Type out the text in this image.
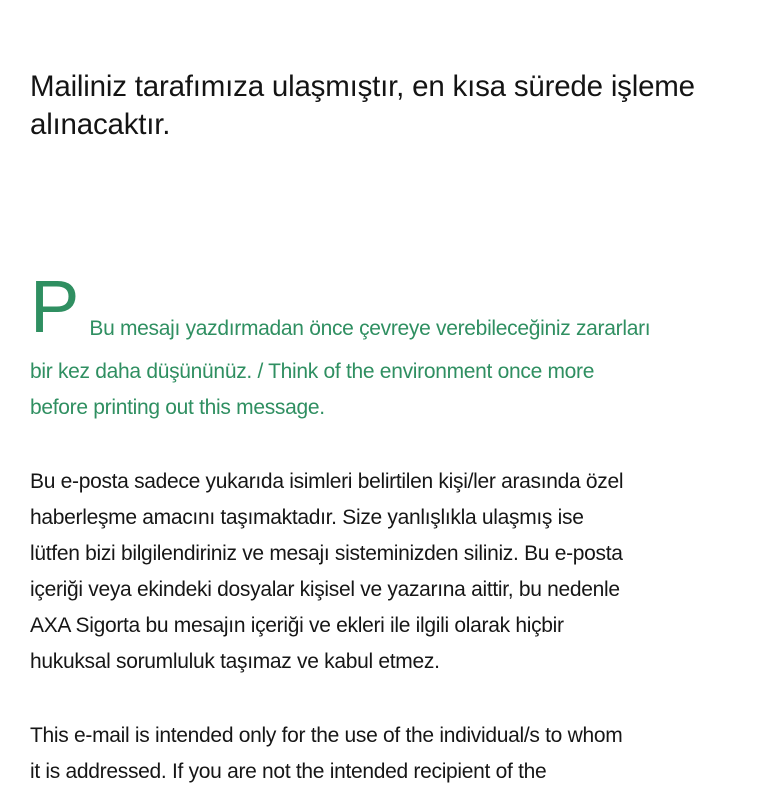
Mailiniz tarafımıza ulaşmıştır, en kısa sürede işleme
alınacaktır.
P Bu mesajı yazdırmadan önce çevreye verebileceğiniz zararları
bir kez daha düşününüz. / Think of the environment once more
before printing out this message.

Bu e-posta sadece yukarıda isimleri belirtilen kişi/ler arasında özel
haberleşme amacını taşımaktadır. Size yanlışlıkla ulaşmış ise
lütfen bizi bilgilendiriniz ve mesajı sisteminizden siliniz. Bu e-posta
içeriği veya ekindeki dosyalar kişisel ve yazarına aittir, bu nedenle
AXA Sigorta bu mesajın içeriği ve ekleri ile ilgili olarak hiçbir
hukuksal sorumluluk taşımaz ve kabul etmez.

This e-mail is intended only for the use of the individual/s to whom
it is addressed. If you are not the intended recipient of the
